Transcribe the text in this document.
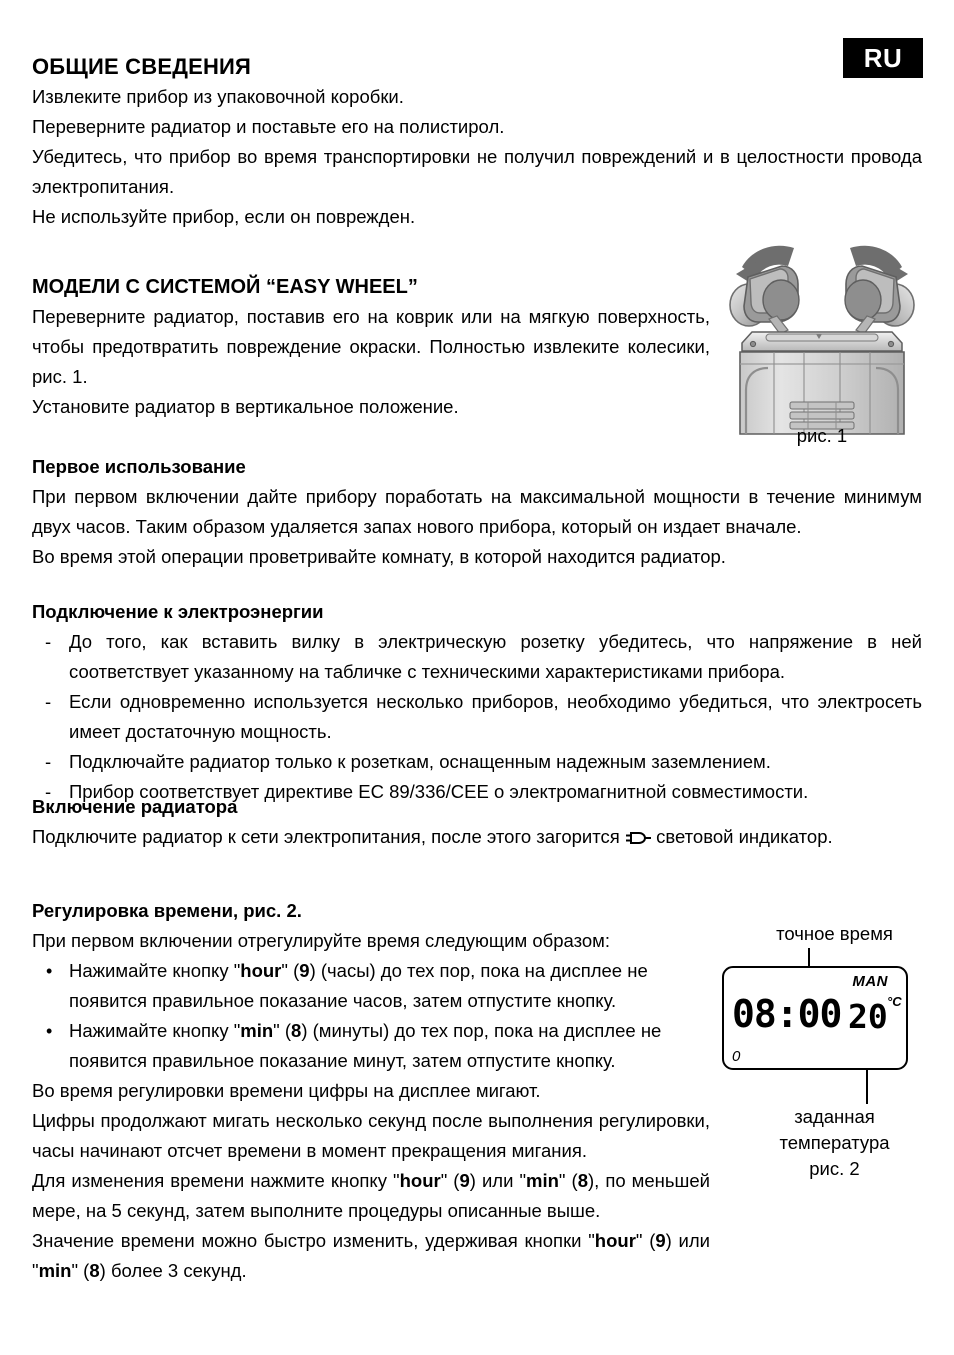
RU
ОБЩИЕ СВЕДЕНИЯ
Извлеките прибор из упаковочной коробки.
Переверните радиатор и поставьте его на полистирол.
Убедитесь, что прибор во время транспортировки не получил повреждений и в целостности провода электропитания.
Не используйте прибор, если он поврежден.
МОДЕЛИ С СИСТЕМОЙ “EASY WHEEL”
Переверните радиатор, поставив его на коврик или на мягкую поверхность, чтобы предотвратить повреждение окраски. Полностью извлеките колесики, рис. 1.
Установите радиатор в вертикальное положение.
рис. 1
Первое использование
При первом включении дайте прибору поработать на максимальной мощности в течение минимум двух часов. Таким образом удаляется запах нового прибора, который он издает вначале.
Во время этой операции проветривайте комнату, в которой находится радиатор.
Подключение к электроэнергии
- До того, как вставить вилку в электрическую розетку убедитесь, что напряжение в ней соответствует указанному на табличке с техническими характеристиками прибора.
- Если одновременно используется несколько приборов, необходимо убедиться, что электросеть имеет достаточную мощность.
- Подключайте радиатор только к розеткам, оснащенным надежным заземлением.
- Прибор соответствует директиве ЕС 89/336/СЕЕ о электромагнитной совместимости.
Включение радиатора
Подключите радиатор к сети электропитания, после этого загорится световой индикатор.
Регулировка времени, рис. 2.
При первом включении отрегулируйте время следующим образом:
• Нажимайте кнопку "hour" (9) (часы) до тех пор, пока на дисплее не появится правильное показание часов, затем отпустите кнопку.
• Нажимайте кнопку "min" (8) (минуты) до тех пор, пока на дисплее не появится правильное показание минут, затем отпустите кнопку.
Во время регулировки времени цифры на дисплее мигают.
Цифры продолжают мигать несколько секунд после выполнения регулировки, часы начинают отсчет времени в момент прекращения мигания.
Для изменения времени нажмите кнопку "hour" (9) или "min" (8), по меньшей мере, на 5 секунд, затем выполните процедуры описанные выше.
Значение времени можно быстро изменить, удерживая кнопки "hour" (9) или "min" (8) более 3 секунд.
точное время
MAN
08:00 20 °C
0
заданная
температура
рис. 2
